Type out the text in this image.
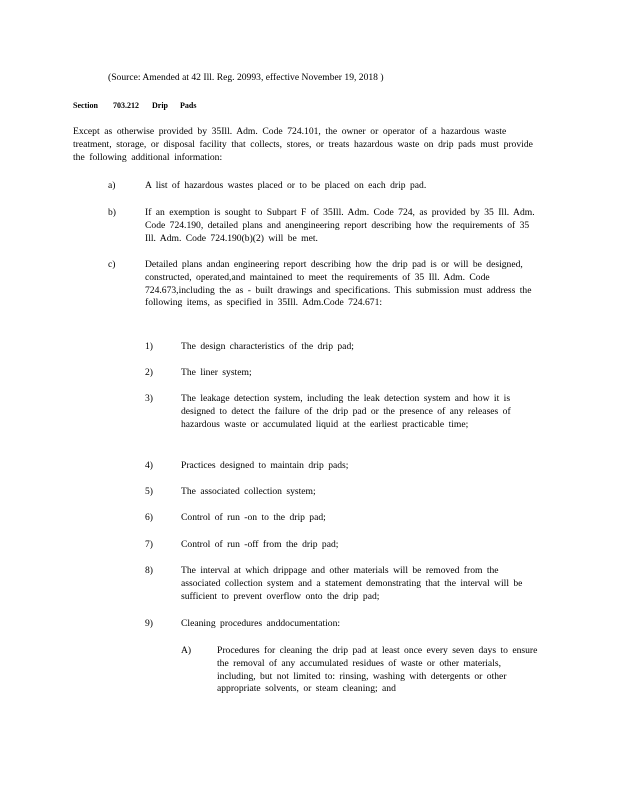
(Source: Amended at 42 Ill. Reg. 20993, effective November 19, 2018 )
Section 703.212 Drip Pads
Except as otherwise provided by 35Ill. Adm. Code 724.101, the owner or operator of a hazardous waste treatment, storage, or disposal facility that collects, stores, or treats hazardous waste on drip pads must provide the following additional information:
a)	A list of hazardous wastes placed or to be placed on each drip pad.
b)	If an exemption is sought to Subpart F of 35Ill. Adm. Code 724, as provided by 35 Ill. Adm. Code 724.190, detailed plans and anengineering report describing how the requirements of 35 Ill. Adm. Code 724.190(b)(2) will be met.
c)	Detailed plans andan engineering report describing how the drip pad is or will be designed, constructed, operated,and maintained to meet the requirements of 35 Ill. Adm. Code 724.673,including the as - built drawings and specifications. This submission must address the following items, as specified in 35Ill. Adm.Code 724.671:
1)	The design characteristics of the drip pad;
2)	The liner system;
3)	The leakage detection system, including the leak detection system and how it is designed to detect the failure of the drip pad or the presence of any releases of hazardous waste or accumulated liquid at the earliest practicable time;
4)	Practices designed to maintain drip pads;
5)	The associated collection system;
6)	Control of run -on to the drip pad;
7)	Control of run -off from the drip pad;
8)	The interval at which drippage and other materials will be removed from the associated collection system and a statement demonstrating that the interval will be sufficient to prevent overflow onto the drip pad;
9)	Cleaning procedures anddocumentation:
A)	Procedures for cleaning the drip pad at least once every seven days to ensure the removal of any accumulated residues of waste or other materials, including, but not limited to: rinsing, washing with detergents or other appropriate solvents, or steam cleaning; and
